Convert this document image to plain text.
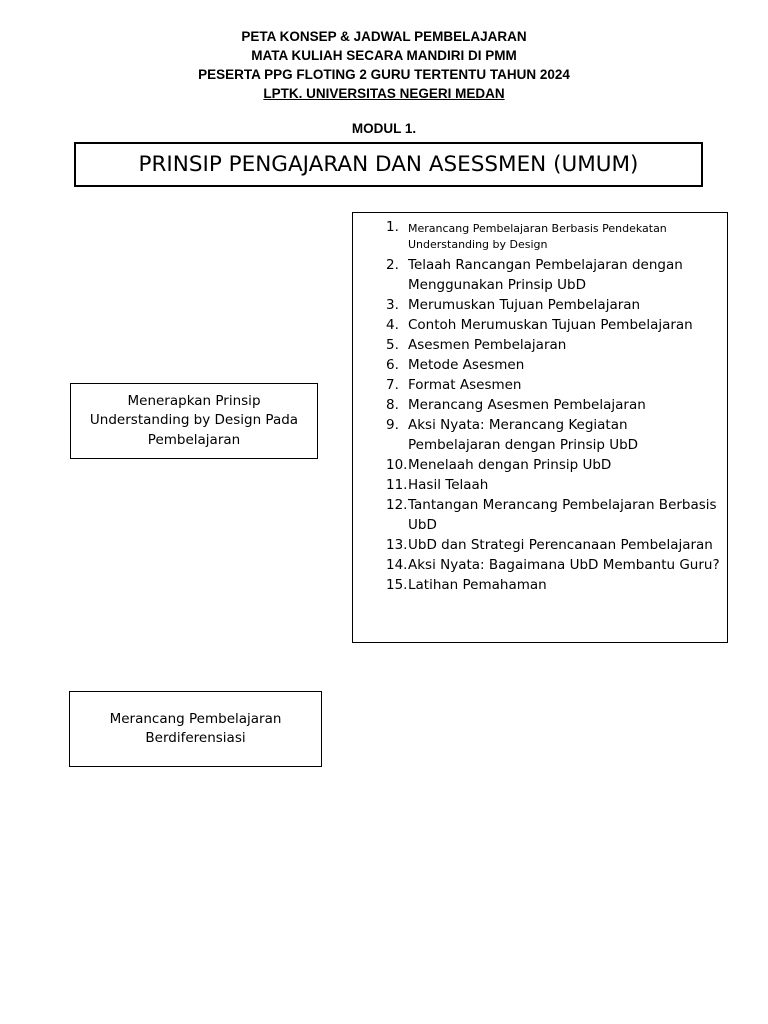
PETA KONSEP & JADWAL PEMBELAJARAN
MATA KULIAH SECARA MANDIRI DI PMM
PESERTA PPG FLOTING 2 GURU TERTENTU TAHUN 2024
LPTK. UNIVERSITAS NEGERI MEDAN
MODUL 1.
PRINSIP PENGAJARAN DAN ASESSMEN (UMUM)
Menerapkan Prinsip
Understanding by Design Pada
Pembelajaran
Merancang Pembelajaran
Berdiferensiasi
1. Merancang Pembelajaran Berbasis Pendekatan Understanding by Design
2. Telaah Rancangan Pembelajaran dengan Menggunakan Prinsip UbD
3. Merumuskan Tujuan Pembelajaran
4. Contoh Merumuskan Tujuan Pembelajaran
5. Asesmen Pembelajaran
6. Metode Asesmen
7. Format Asesmen
8. Merancang Asesmen Pembelajaran
9. Aksi Nyata: Merancang Kegiatan Pembelajaran dengan Prinsip UbD
10. Menelaah dengan Prinsip UbD
11. Hasil Telaah
12. Tantangan Merancang Pembelajaran Berbasis UbD
13. UbD dan Strategi Perencanaan Pembelajaran
14. Aksi Nyata: Bagaimana UbD Membantu Guru?
15. Latihan Pemahaman
